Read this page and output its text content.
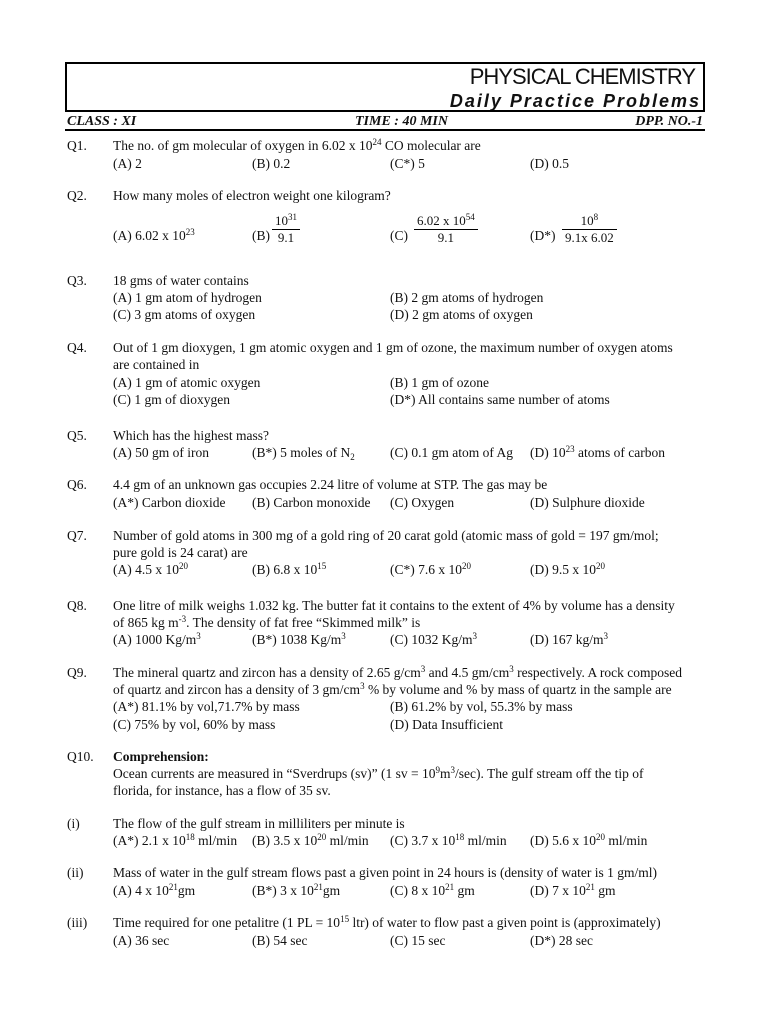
PHYSICAL CHEMISTRY
Daily Practice Problems
CLASS : XI	TIME : 40 MIN	DPP. NO.-1
Q1. The no. of gm molecular of oxygen in 6.02 x $10^{24}$ CO molecular are
(A) 2	(B) 0.2	(C*) 5	(D) 0.5
Q2. How many moles of electron weight one kilogram?
(A) 6.02 x $10^{23}$	$(B) \frac{10^{31}}{9.1}$	$(C) \frac{6.02 x 10^{54}}{9.1}$	$(D*) \frac{10^8}{9.1x 6.02}$
Q3. 18 gms of water contains
(A) 1 gm atom of hydrogen	(B) 2 gm atoms of hydrogen
(C) 3 gm atoms of oxygen	(D) 2 gm atoms of oxygen
Q4. Out of 1 gm dioxygen, 1 gm atomic oxygen and 1 gm of ozone, the maximum number of oxygen atoms
are contained in
(A) 1 gm of atomic oxygen	(B) 1 gm of ozone
(C) 1 gm of dioxygen	(D*) All contains same number of atoms
Q5. Which has the highest mass?
(A) 50 gm of iron	(B*) 5 moles of $N_2$	(C) 0.1 gm atom of Ag (D) $10^{23}$ atoms of carbon
Q6. 4.4 gm of an unknown gas occupies 2.24 litre of volume at STP. The gas may be
(A*) Carbon dioxide (B) Carbon monoxide (C) Oxygen	(D) Sulphure dioxide
Q7. Number of gold atoms in 300 mg of a gold ring of 20 carat gold (atomic mass of gold = 197 gm/mol;
pure gold is 24 carat) are
(A) 4.5 x $10^{20}$	(B) 6.8 x $10^{15}$	(C*) 7.6 x $10^{20}$	(D) 9.5 x $10^{20}$
Q8. One litre of milk weighs 1.032 kg. The butter fat it contains to the extent of 4% by volume has a density
of 865 kg $m^{-3}$. The density of fat free “Skimmed milk” is
(A) 1000 $Kg/m^3$	(B*) 1038 $Kg/m^3$	(C) 1032 $Kg/m^3$	(D) 167 $kg/m^3$
Q9. The mineral quartz and zircon has a density of 2.65 $g/cm^3$ and 4.5 $gm/cm^3$ respectively. A rock composed
of quartz and zircon has a density of 3 $gm/cm^3$ % by volume and % by mass of quartz in the sample are
(A*) 81.1% by vol,71.7% by mass	(B) 61.2% by vol, 55.3% by mass
(C) 75% by vol, 60% by mass	(D) Data Insufficient
Q10. Comprehension:
Ocean currents are measured in “Sverdrups (sv)” (1 sv = $10^9m^3/\sec$). The gulf stream off the tip of
florida, for instance, has a flow of 35 sv.
(i) The flow of the gulf stream in milliliters per minute is
(A*) 2.1 x $10^{18}$ ml/min (B) 3.5 x $10^{20}$ ml/min (C) 3.7 x $10^{18}$ ml/min (D) 5.6 x $10^{20}$ ml/min
(ii) Mass of water in the gulf stream flows past a given point in 24 hours is (density of water is 1 gm/ml)
(A) 4 x $10^{21}gm$	(B*) 3 x $10^{21}gm$	(C) 8 x $10^{21}$ gm	(D) 7 x $10^{21}$ gm
(iii) Time required for one petalitre (1 PL = $10^{15}$ ltr) of water to flow past a given point is (approximately)
(A) 36 sec	(B) 54 sec	(C) 15 sec	(D*) 28 sec
